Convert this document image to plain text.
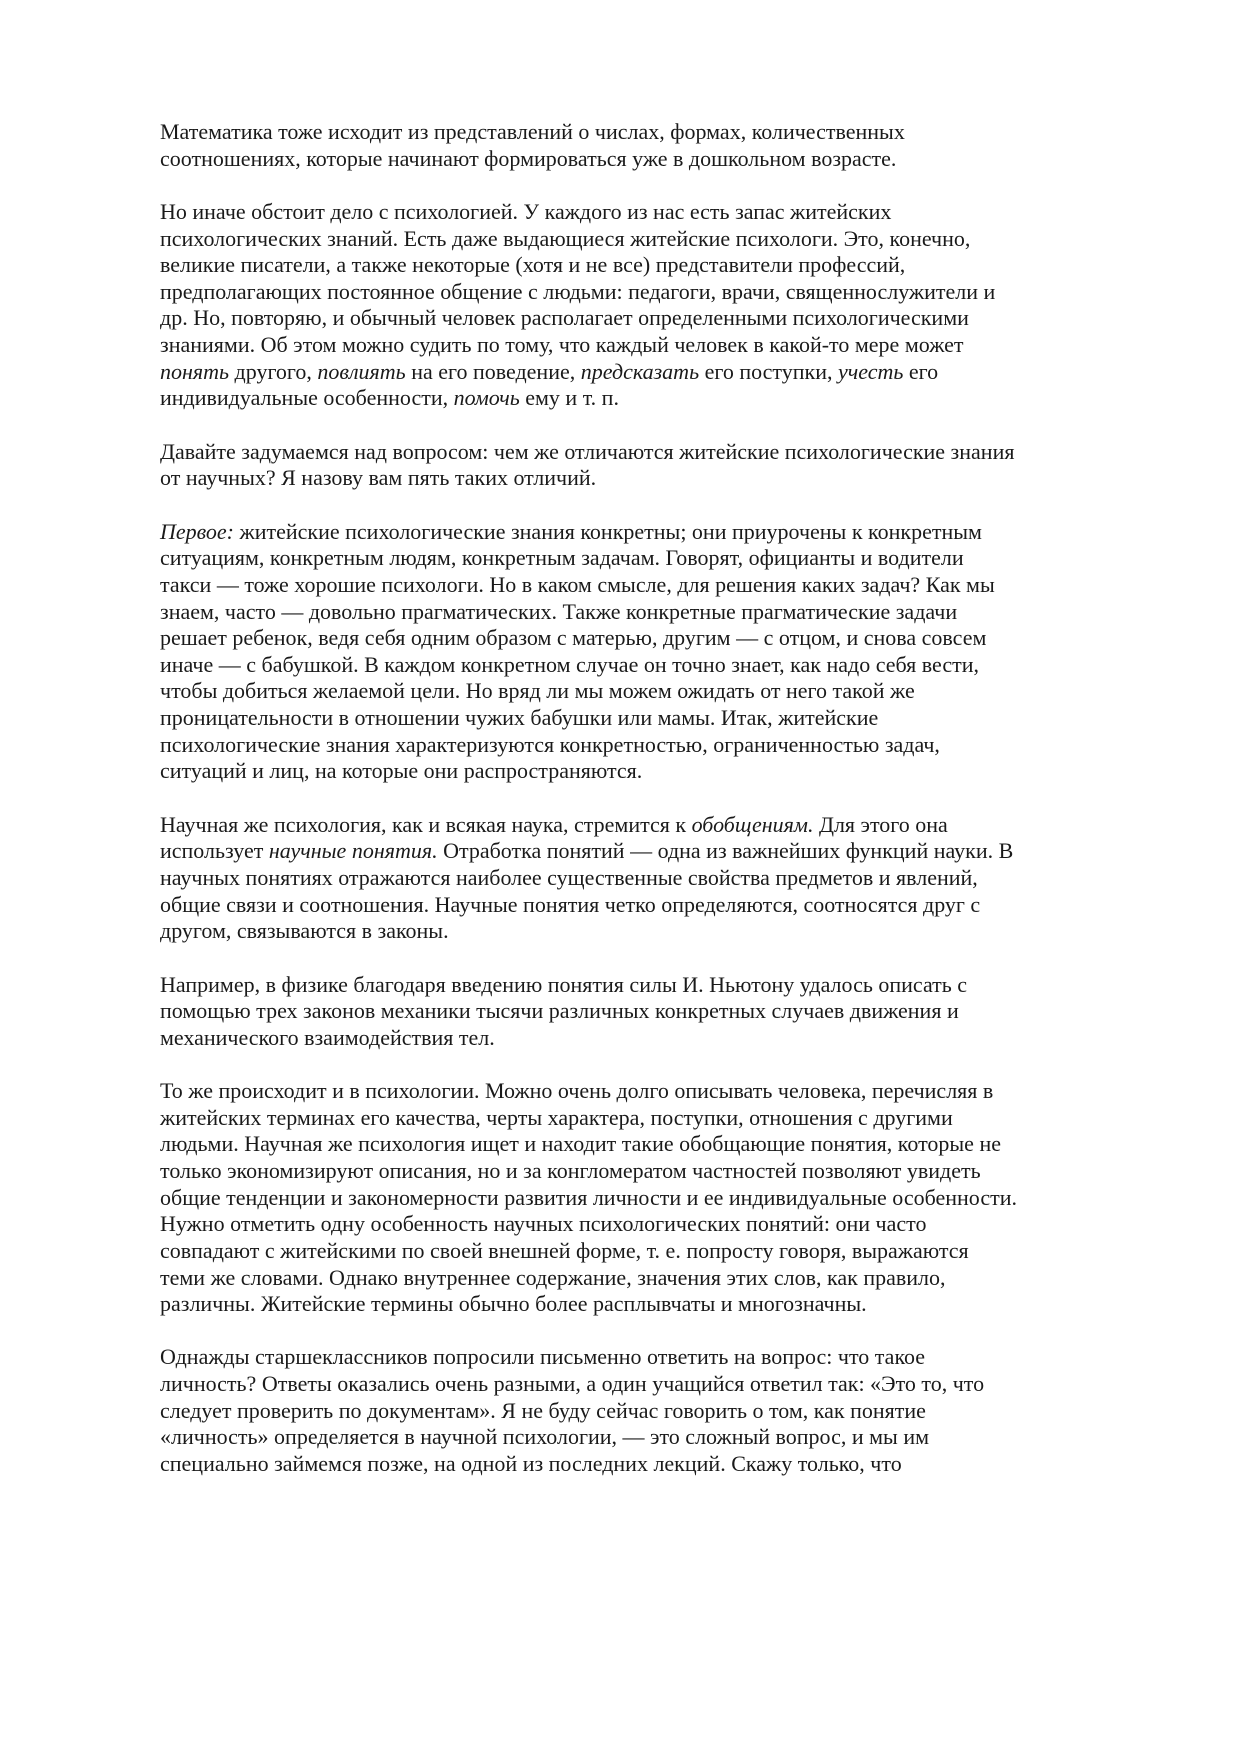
Математика тоже исходит из представлений о числах, формах, количественных
соотношениях, которые начинают формироваться уже в дошкольном возрасте.
Но иначе обстоит дело с психологией. У каждого из нас есть запас житейских
психологических знаний. Есть даже выдающиеся житейские психологи. Это, конечно,
великие писатели, а также некоторые (хотя и не все) представители профессий,
предполагающих постоянное общение с людьми: педагоги, врачи, священнослужители и
др. Но, повторяю, и обычный человек располагает определенными психологическими
знаниями. Об этом можно судить по тому, что каждый человек в какой-то мере может
понять другого, повлиять на его поведение, предсказать его поступки, учесть его
индивидуальные особенности, помочь ему и т. п.
Давайте задумаемся над вопросом: чем же отличаются житейские психологические знания
от научных? Я назову вам пять таких отличий.
Первое: житейские психологические знания конкретны; они приурочены к конкретным
ситуациям, конкретным людям, конкретным задачам. Говорят, официанты и водители
такси — тоже хорошие психологи. Но в каком смысле, для решения каких задач? Как мы
знаем, часто — довольно прагматических. Также конкретные прагматические задачи
решает ребенок, ведя себя одним образом с матерью, другим — с отцом, и снова совсем
иначе — с бабушкой. В каждом конкретном случае он точно знает, как надо себя вести,
чтобы добиться желаемой цели. Но вряд ли мы можем ожидать от него такой же
проницательности в отношении чужих бабушки или мамы. Итак, житейские
психологические знания характеризуются конкретностью, ограниченностью задач,
ситуаций и лиц, на которые они распространяются.
Научная же психология, как и всякая наука, стремится к обобщениям. Для этого она
использует научные понятия. Отработка понятий — одна из важнейших функций науки. В
научных понятиях отражаются наиболее существенные свойства предметов и явлений,
общие связи и соотношения. Научные понятия четко определяются, соотносятся друг с
другом, связываются в законы.
Например, в физике благодаря введению понятия силы И. Ньютону удалось описать с
помощью трех законов механики тысячи различных конкретных случаев движения и
механического взаимодействия тел.
То же происходит и в психологии. Можно очень долго описывать человека, перечисляя в
житейских терминах его качества, черты характера, поступки, отношения с другими
людьми. Научная же психология ищет и находит такие обобщающие понятия, которые не
только экономизируют описания, но и за конгломератом частностей позволяют увидеть
общие тенденции и закономерности развития личности и ее индивидуальные особенности.
Нужно отметить одну особенность научных психологических понятий: они часто
совпадают с житейскими по своей внешней форме, т. е. попросту говоря, выражаются
теми же словами. Однако внутреннее содержание, значения этих слов, как правило,
различны. Житейские термины обычно более расплывчаты и многозначны.
Однажды старшеклассников попросили письменно ответить на вопрос: что такое
личность? Ответы оказались очень разными, а один учащийся ответил так: «Это то, что
следует проверить по документам». Я не буду сейчас говорить о том, как понятие
«личность» определяется в научной психологии, — это сложный вопрос, и мы им
специально займемся позже, на одной из последних лекций. Скажу только, что
